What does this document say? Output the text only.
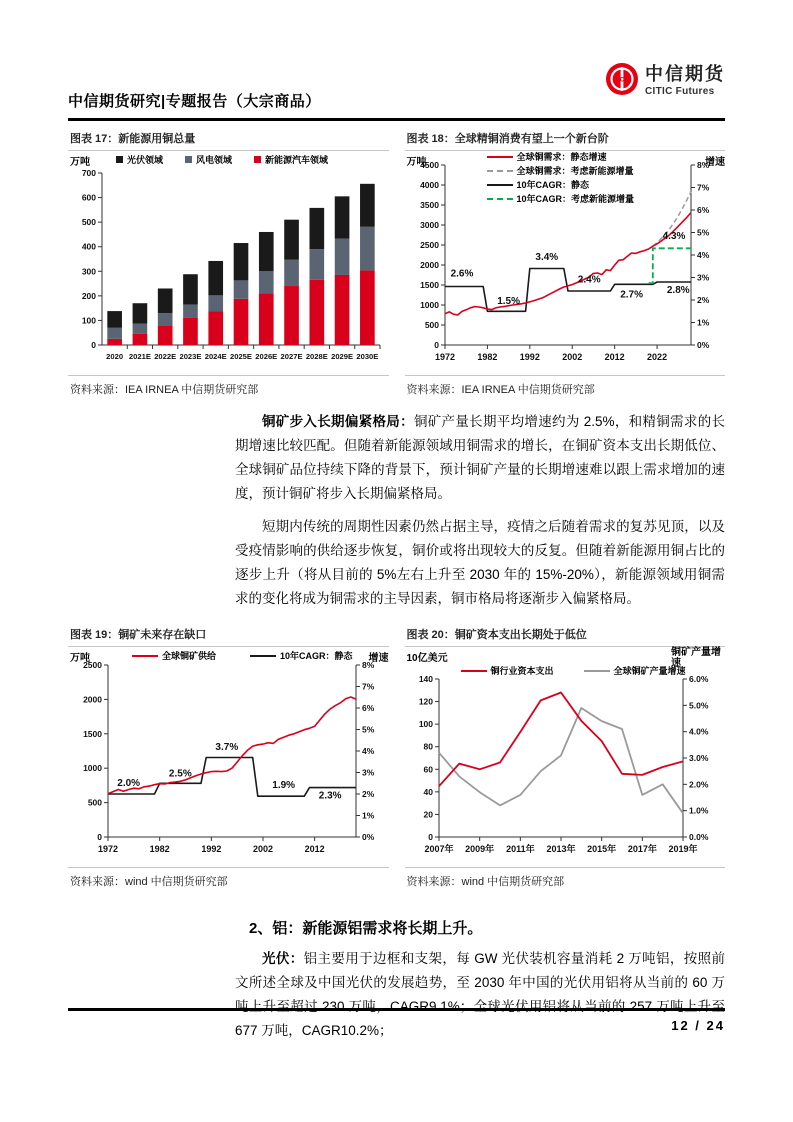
中信期货研究|专题报告（大宗商品）
C 中信期货
CITIC Futures
图表 17：新能源用铜总量
万吨	光伏领域	风电领域	新能源汽车领域
0
100
200
300
400
500
600
700
2020 2021E 2022E 2023E 2024E 2025E 2026E 2027E 2028E 2029E 2030E
资料来源：IEA IRNEA 中信期货研究部
图表 18：全球精铜消费有望上一个新台阶
万吨	增速
全球铜需求：静态增速
全球铜需求：考虑新能源增量
10年CAGR：静态
10年CAGR：考虑新能源增量
0
500
1000
1500
2000
2500
3000
3500
4000
4500
0%
1%
2%
3%
4%
5%
6%
7%
8%
1972 1982 1992 2002 2012 2022
2.6%
1.5%
3.4%
2.4%
2.7% 2.8%
4.3%
资料来源：IEA IRNEA 中信期货研究部

铜矿步入长期偏紧格局：铜矿产量长期平均增速约为 2.5%，和精铜需求的长期增速比较匹配。但随着新能源领域用铜需求的增长，在铜矿资本支出长期低位、全球铜矿品位持续下降的背景下，预计铜矿产量的长期增速难以跟上需求增加的速度，预计铜矿将步入长期偏紧格局。

短期内传统的周期性因素仍然占据主导，疫情之后随着需求的复苏见顶，以及受疫情影响的供给逐步恢复，铜价或将出现较大的反复。但随着新能源用铜占比的逐步上升（将从目前的 5%左右上升至 2030 年的 15%-20%），新能源领域用铜需求的变化将成为铜需求的主导因素，铜市格局将逐渐步入偏紧格局。

图表 19：铜矿未来存在缺口
万吨	增速
全球铜矿供给	10年CAGR：静态
0
500
1000
1500
2000
2500
0%
1%
2%
3%
4%
5%
6%
7%
8%
1972	1982	1992	2002	2012
2.0%
2.5%
3.7%
1.9%
2.3%
资料来源：wind 中信期货研究部
图表 20：铜矿资本支出长期处于低位
10亿美元
铜矿产量增速
铜行业资本支出	全球铜矿产量增速
0
20
40
60
80
100
120
140
0.0%
1.0%
2.0%
3.0%
4.0%
5.0%
6.0%
2007年 2009年 2011年 2013年 2015年 2017年 2019年
资料来源：wind 中信期货研究部
2、铝：新能源铝需求将长期上升。

光伏：铝主要用于边框和支架，每 GW 光伏装机容量消耗 2 万吨铝，按照前文所述全球及中国光伏的发展趋势，至 2030 年中国的光伏用铝将从当前的 60 万吨上升至超过 230 万吨，CAGR9.1%；全球光伏用铝将从当前的 257 万吨上升至 677 万吨，CAGR10.2%；	12 / 24
